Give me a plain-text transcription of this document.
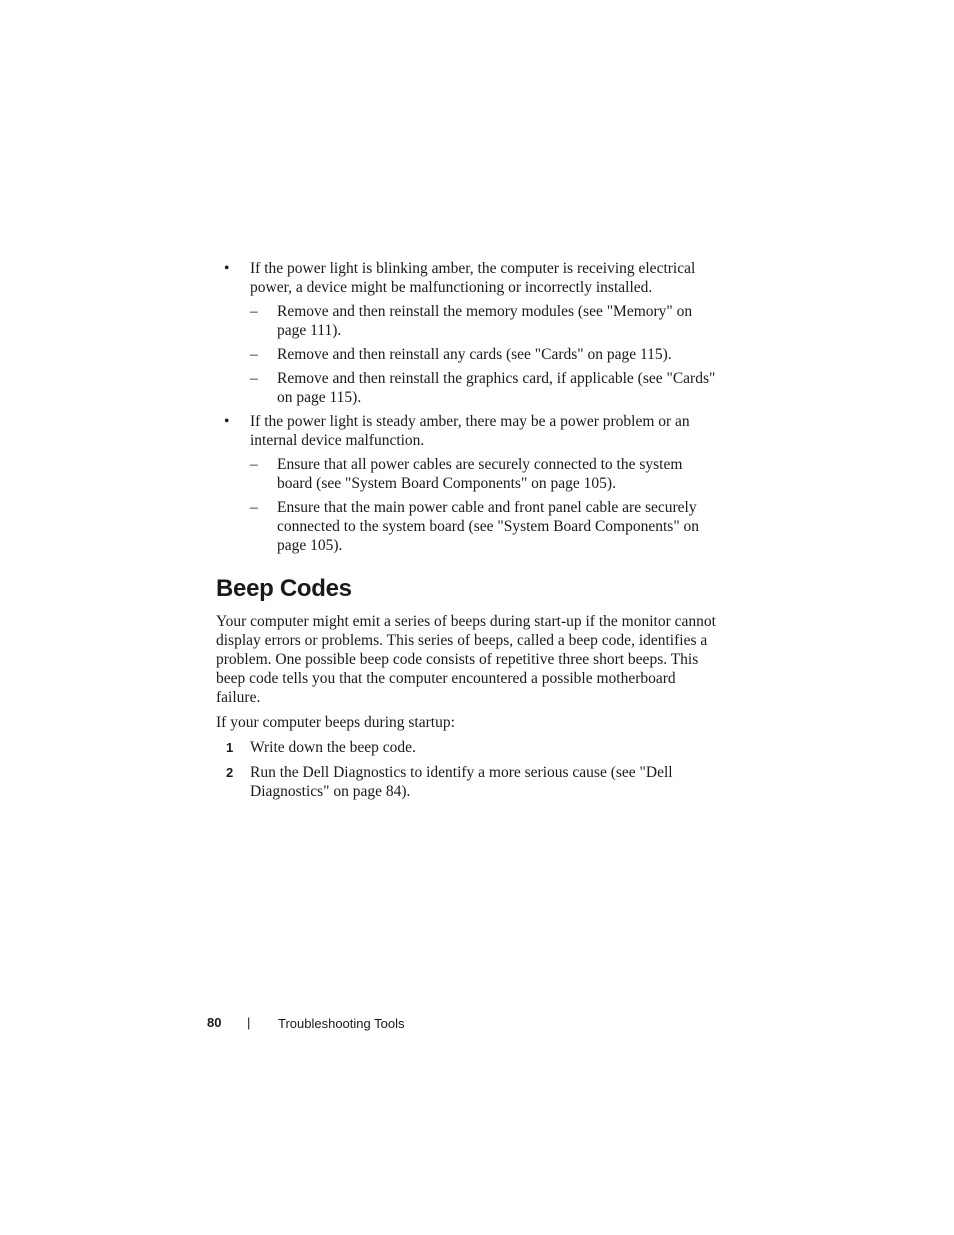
• If the power light is blinking amber, the computer is receiving electrical power, a device might be malfunctioning or incorrectly installed.
– Remove and then reinstall the memory modules (see "Memory" on page 111).
– Remove and then reinstall any cards (see "Cards" on page 115).
– Remove and then reinstall the graphics card, if applicable (see "Cards" on page 115).
• If the power light is steady amber, there may be a power problem or an internal device malfunction.
– Ensure that all power cables are securely connected to the system board (see "System Board Components" on page 105).
– Ensure that the main power cable and front panel cable are securely connected to the system board (see "System Board Components" on page 105).
Beep Codes

Your computer might emit a series of beeps during start-up if the monitor cannot display errors or problems. This series of beeps, called a beep code, identifies a problem. One possible beep code consists of repetitive three short beeps. This beep code tells you that the computer encountered a possible motherboard failure.

If your computer beeps during startup:

1 Write down the beep code.
2 Run the Dell Diagnostics to identify a more serious cause (see "Dell Diagnostics" on page 84).
80 | Troubleshooting Tools
